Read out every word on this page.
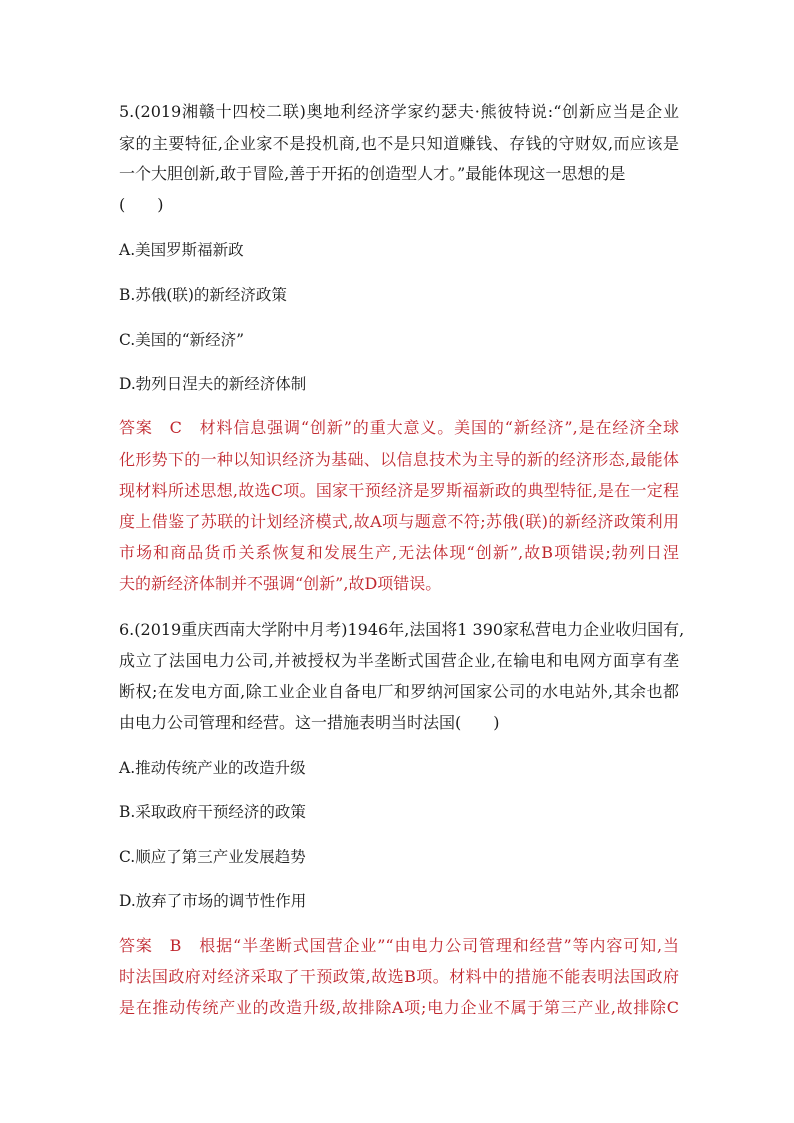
5.(2019湘赣十四校二联)奥地利经济学家约瑟夫·熊彼特说:“创新应当是企业
家的主要特征,企业家不是投机商,也不是只知道赚钱、存钱的守财奴,而应该是
一个大胆创新,敢于冒险,善于开拓的创造型人才。”最能体现这一思想的是
(　　)
A.美国罗斯福新政
B.苏俄(联)的新经济政策
C.美国的“新经济”
D.勃列日涅夫的新经济体制
答案　C　材料信息强调“创新”的重大意义。美国的“新经济”,是在经济全球
化形势下的一种以知识经济为基础、以信息技术为主导的新的经济形态,最能体
现材料所述思想,故选C项。国家干预经济是罗斯福新政的典型特征,是在一定程
度上借鉴了苏联的计划经济模式,故A项与题意不符;苏俄(联)的新经济政策利用
市场和商品货币关系恢复和发展生产,无法体现“创新”,故B项错误;勃列日涅
夫的新经济体制并不强调“创新”,故D项错误。
6.(2019重庆西南大学附中月考)1946年,法国将1 390家私营电力企业收归国有,
成立了法国电力公司,并被授权为半垄断式国营企业,在输电和电网方面享有垄
断权;在发电方面,除工业企业自备电厂和罗纳河国家公司的水电站外,其余也都
由电力公司管理和经营。这一措施表明当时法国(　　)
A.推动传统产业的改造升级
B.采取政府干预经济的政策
C.顺应了第三产业发展趋势
D.放弃了市场的调节性作用
答案　B　根据“半垄断式国营企业”“由电力公司管理和经营”等内容可知,当
时法国政府对经济采取了干预政策,故选B项。材料中的措施不能表明法国政府
是在推动传统产业的改造升级,故排除A项;电力企业不属于第三产业,故排除C
